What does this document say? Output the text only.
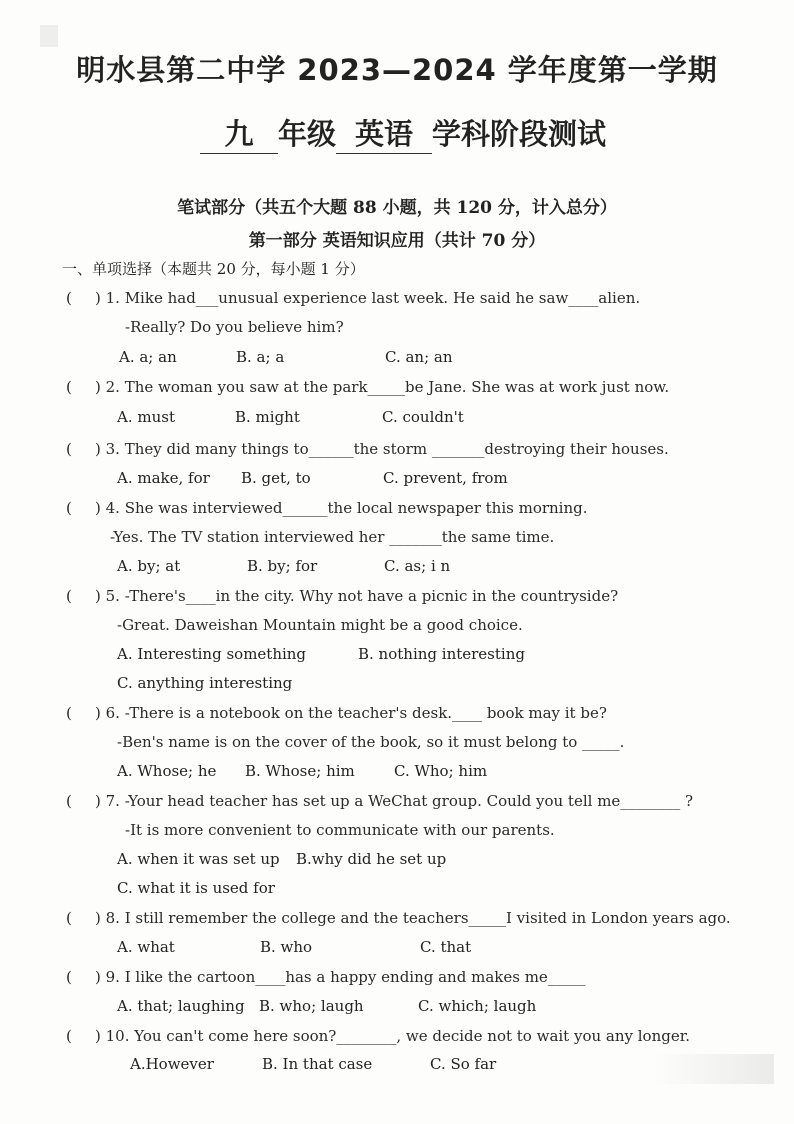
明水县第二中学 2023—2024 学年度第一学期
九 年级 英语 学科阶段测试
笔试部分（共五个大题 88 小题，共 120 分，计入总分）
第一部分 英语知识应用（共计 70 分）
一、单项选择（本题共 20 分，每小题 1 分）
( ) 1. Mike had___unusual experience last week. He said he saw____alien.
-Really? Do you believe him?
A. a; an	B. a; a	C. an; an
( ) 2. The woman you saw at the park_____be Jane. She was at work just now.
A. must	B. might	C. couldn't
( ) 3. They did many things to______the storm _______destroying their houses.
A. make, for B. get, to	C. prevent, from
( ) 4. She was interviewed______the local newspaper this morning.
-Yes. The TV station interviewed her _______the same time.
A. by; at	B. by; for	C. as; i n
( ) 5. -There's____in the city. Why not have a picnic in the countryside?
-Great. Daweishan Mountain might be a good choice.
A. Interesting something	B. nothing interesting
C. anything interesting
( ) 6. -There is a notebook on the teacher's desk.____ book may it be?
-Ben's name is on the cover of the book, so it must belong to _____.
A. Whose; he B. Whose; him	C. Who; him
( ) 7. -Your head teacher has set up a WeChat group. Could you tell me________ ?
-It is more convenient to communicate with our parents.
A. when it was set up B.why did he set up
C. what it is used for
( ) 8. I still remember the college and the teachers_____I visited in London years ago.
A. what	B. who	C. that
( ) 9. I like the cartoon____has a happy ending and makes me_____
A. that; laughing B. who; laugh	C. which; laugh
( ) 10. You can't come here soon?________, we decide not to wait you any longer.
A.However	B. In that case	C. So far
